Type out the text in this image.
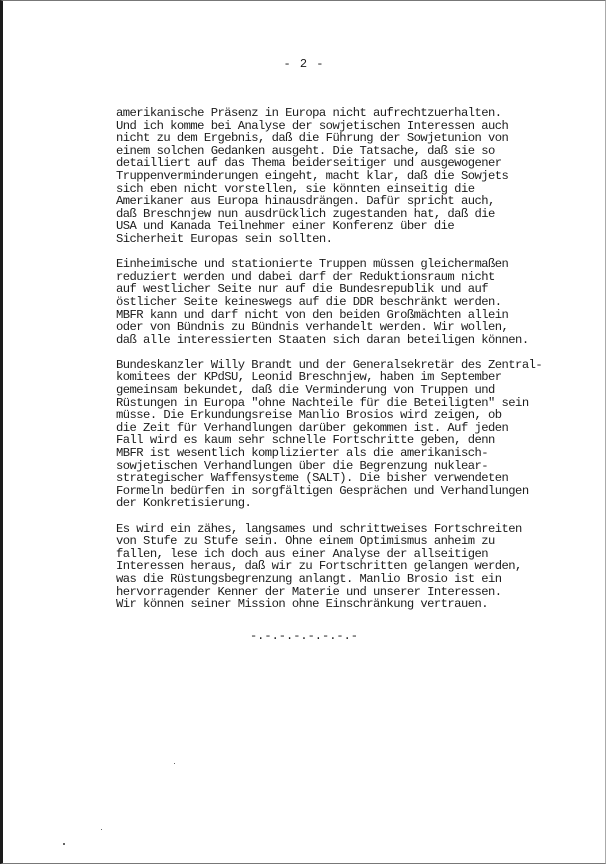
- 2 -

amerikanische Präsenz in Europa nicht aufrechtzuerhalten.
Und ich komme bei Analyse der sowjetischen Interessen auch
nicht zu dem Ergebnis, daß die Führung der Sowjetunion von
einem solchen Gedanken ausgeht. Die Tatsache, daß sie so
detailliert auf das Thema beiderseitiger und ausgewogener
Truppenverminderungen eingeht, macht klar, daß die Sowjets
sich eben nicht vorstellen, sie könnten einseitig die
Amerikaner aus Europa hinausdrängen. Dafür spricht auch,
daß Breschnjew nun ausdrücklich zugestanden hat, daß die
USA und Kanada Teilnehmer einer Konferenz über die
Sicherheit Europas sein sollten.

Einheimische und stationierte Truppen müssen gleichermaßen
reduziert werden und dabei darf der Reduktionsraum nicht
auf westlicher Seite nur auf die Bundesrepublik und auf
östlicher Seite keineswegs auf die DDR beschränkt werden.
MBFR kann und darf nicht von den beiden Großmächten allein
oder von Bündnis zu Bündnis verhandelt werden. Wir wollen,
daß alle interessierten Staaten sich daran beteiligen können.

Bundeskanzler Willy Brandt und der Generalsekretär des Zentral-
komitees der KPdSU, Leonid Breschnjew, haben im September
gemeinsam bekundet, daß die Verminderung von Truppen und
Rüstungen in Europa "ohne Nachteile für die Beteiligten" sein
müsse. Die Erkundungsreise Manlio Brosios wird zeigen, ob
die Zeit für Verhandlungen darüber gekommen ist. Auf jeden
Fall wird es kaum sehr schnelle Fortschritte geben, denn
MBFR ist wesentlich komplizierter als die amerikanisch-
sowjetischen Verhandlungen über die Begrenzung nuklear-
strategischer Waffensysteme (SALT). Die bisher verwendeten
Formeln bedürfen in sorgfältigen Gesprächen und Verhandlungen
der Konkretisierung.

Es wird ein zähes, langsames und schrittweises Fortschreiten
von Stufe zu Stufe sein. Ohne einem Optimismus anheim zu
fallen, lese ich doch aus einer Analyse der allseitigen
Interessen heraus, daß wir zu Fortschritten gelangen werden,
was die Rüstungsbegrenzung anlangt. Manlio Brosio ist ein
hervorragender Kenner der Materie und unserer Interessen.
Wir können seiner Mission ohne Einschränkung vertrauen.

-.-.-.-.-.-.-.-
